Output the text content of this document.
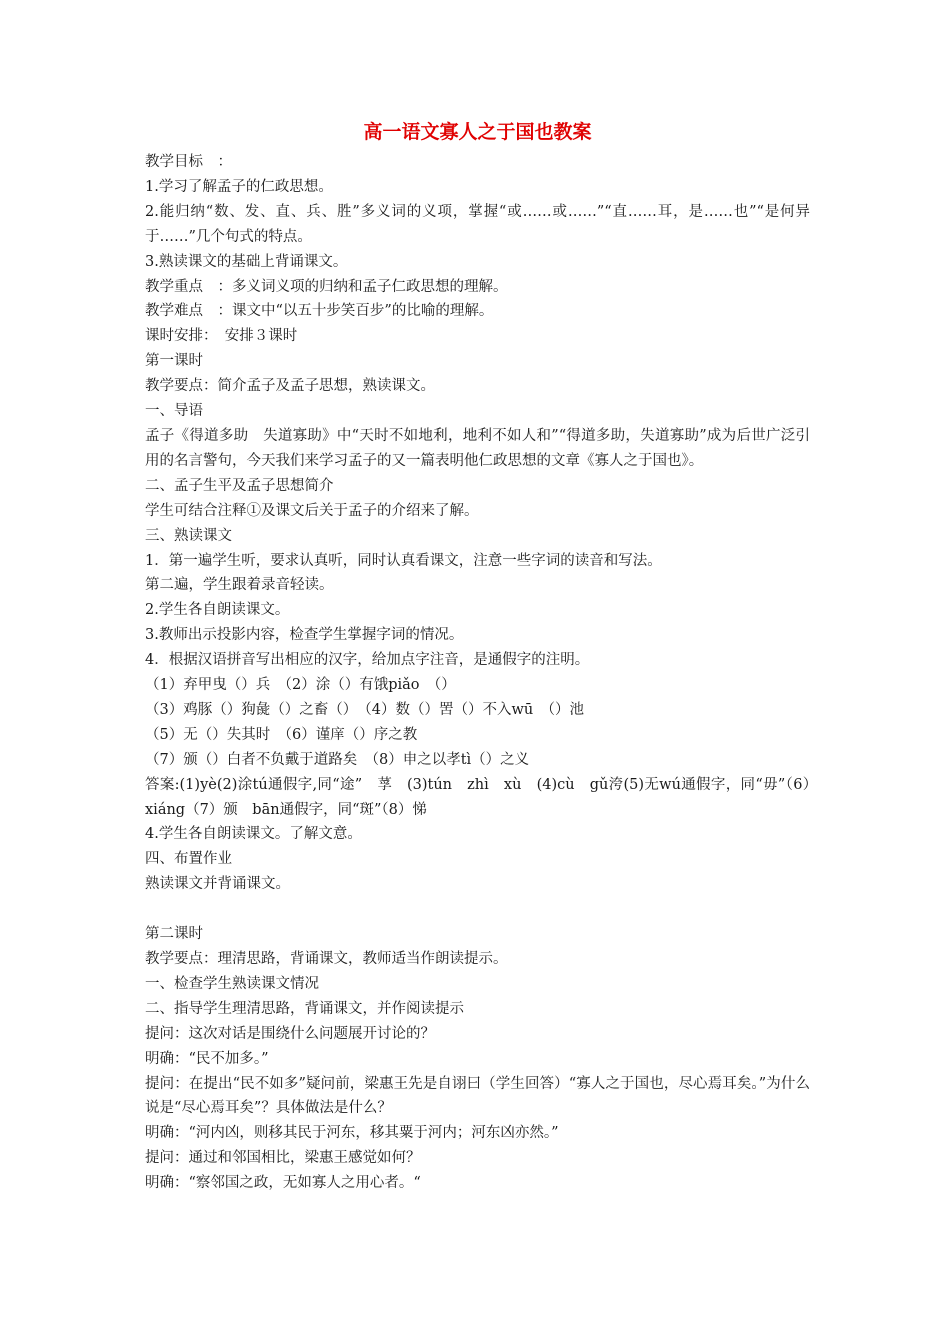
高一语文寡人之于国也教案
教学目标　：
1.学习了解孟子的仁政思想。
2.能归纳“数、发、直、兵、胜”多义词的义项，掌握“或……或……”“直……耳，是……也”“是何异于……”几个句式的特点。
3.熟读课文的基础上背诵课文。
教学重点　：多义词义项的归纳和孟子仁政思想的理解。
教学难点　：课文中“以五十步笑百步”的比喻的理解。
课时安排：　安排３课时
第一课时
教学要点：简介孟子及孟子思想，熟读课文。
一、导语
孟子《得道多助　失道寡助》中“天时不如地利，地利不如人和”“得道多助，失道寡助”成为后世广泛引用的名言警句，今天我们来学习孟子的又一篇表明他仁政思想的文章《寡人之于国也》。
二、孟子生平及孟子思想简介
学生可结合注释①及课文后关于孟子的介绍来了解。
三、熟读课文
1．第一遍学生听，要求认真听，同时认真看课文，注意一些字词的读音和写法。
第二遍，学生跟着录音轻读。
2.学生各自朗读课文。
3.教师出示投影内容，检查学生掌握字词的情况。
4．根据汉语拼音写出相应的汉字，给加点字注音，是通假字的注明。
（1）弃甲曳（）兵　（2）涂（）有饿piǎo　（）
（3）鸡豚（）狗彘（）之畜（）　（4）数（）罟（）不入wū　（）池
（5）无（）失其时　（6）谨庠（）序之教
（7）颁（）白者不负戴于道路矣　（8）申之以孝tì（）之义
答案:(1)yè(2)涂tú通假字,同“途”　莩　(3)tún　zhì　xù　(4)cù　gǔ洿(5)无wú通假字，同“毋”（6）　xiáng（7）颁　bān通假字，同“斑”（8）悌
4.学生各自朗读课文。了解文意。
四、布置作业
熟读课文并背诵课文。
第二课时
教学要点：理清思路，背诵课文，教师适当作朗读提示。
一、检查学生熟读课文情况
二、指导学生理清思路，背诵课文，并作阅读提示
提问：这次对话是围绕什么问题展开讨论的？
明确：“民不加多。”
提问：在提出“民不如多”疑问前，梁惠王先是自诩曰（学生回答）“寡人之于国也，尽心焉耳矣。”为什么说是“尽心焉耳矣”？具体做法是什么？
明确：“河内凶，则移其民于河东，移其粟于河内；河东凶亦然。”
提问：通过和邻国相比，梁惠王感觉如何？
明确：“察邻国之政，无如寡人之用心者。“
